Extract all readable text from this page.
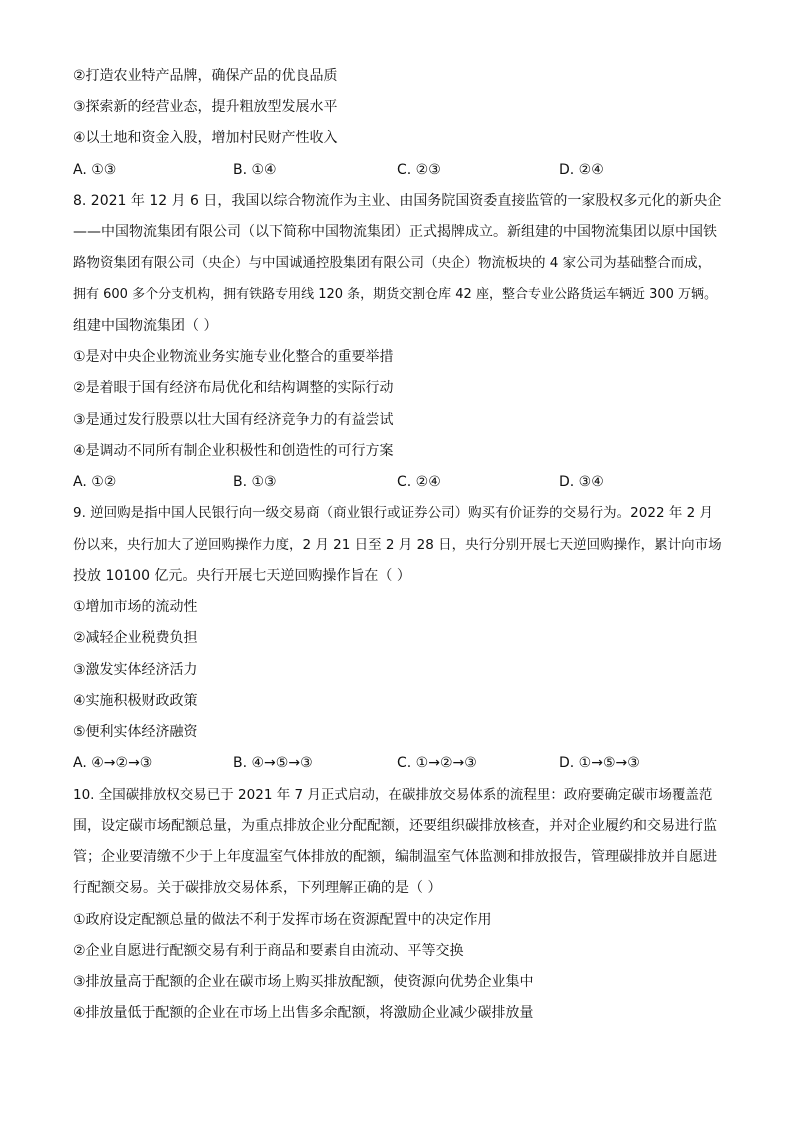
②打造农业特产品牌，确保产品的优良品质
③探索新的经营业态，提升粗放型发展水平
④以土地和资金入股，增加村民财产性收入
A. ①③	B. ①④	C. ②③	D. ②④
8. 2021 年 12 月 6 日，我国以综合物流作为主业、由国务院国资委直接监管的一家股权多元化的新央企
——中国物流集团有限公司（以下简称中国物流集团）正式揭牌成立。新组建的中国物流集团以原中国铁
路物资集团有限公司（央企）与中国诚通控股集团有限公司（央企）物流板块的 4 家公司为基础整合而成，
拥有 600 多个分支机构，拥有铁路专用线 120 条，期货交割仓库 42 座，整合专业公路货运车辆近 300 万辆。
组建中国物流集团（ ）
①是对中央企业物流业务实施专业化整合的重要举措
②是着眼于国有经济布局优化和结构调整的实际行动
③是通过发行股票以壮大国有经济竞争力的有益尝试
④是调动不同所有制企业积极性和创造性的可行方案
A. ①②	B. ①③	C. ②④	D. ③④
9. 逆回购是指中国人民银行向一级交易商（商业银行或证券公司）购买有价证券的交易行为。2022 年 2 月
份以来，央行加大了逆回购操作力度，2 月 21 日至 2 月 28 日，央行分别开展七天逆回购操作，累计向市场
投放 10100 亿元。央行开展七天逆回购操作旨在（ ）
①增加市场的流动性
②减轻企业税费负担
③激发实体经济活力
④实施积极财政政策
⑤便利实体经济融资
A. ④→②→③	B. ④→⑤→③	C. ①→②→③	D. ①→⑤→③
10. 全国碳排放权交易已于 2021 年 7 月正式启动，在碳排放交易体系的流程里：政府要确定碳市场覆盖范
围，设定碳市场配额总量，为重点排放企业分配配额，还要组织碳排放核查，并对企业履约和交易进行监
管；企业要清缴不少于上年度温室气体排放的配额，编制温室气体监测和排放报告，管理碳排放并自愿进
行配额交易。关于碳排放交易体系，下列理解正确的是（ ）
①政府设定配额总量的做法不利于发挥市场在资源配置中的决定作用
②企业自愿进行配额交易有利于商品和要素自由流动、平等交换
③排放量高于配额的企业在碳市场上购买排放配额，使资源向优势企业集中
④排放量低于配额的企业在市场上出售多余配额，将激励企业减少碳排放量
